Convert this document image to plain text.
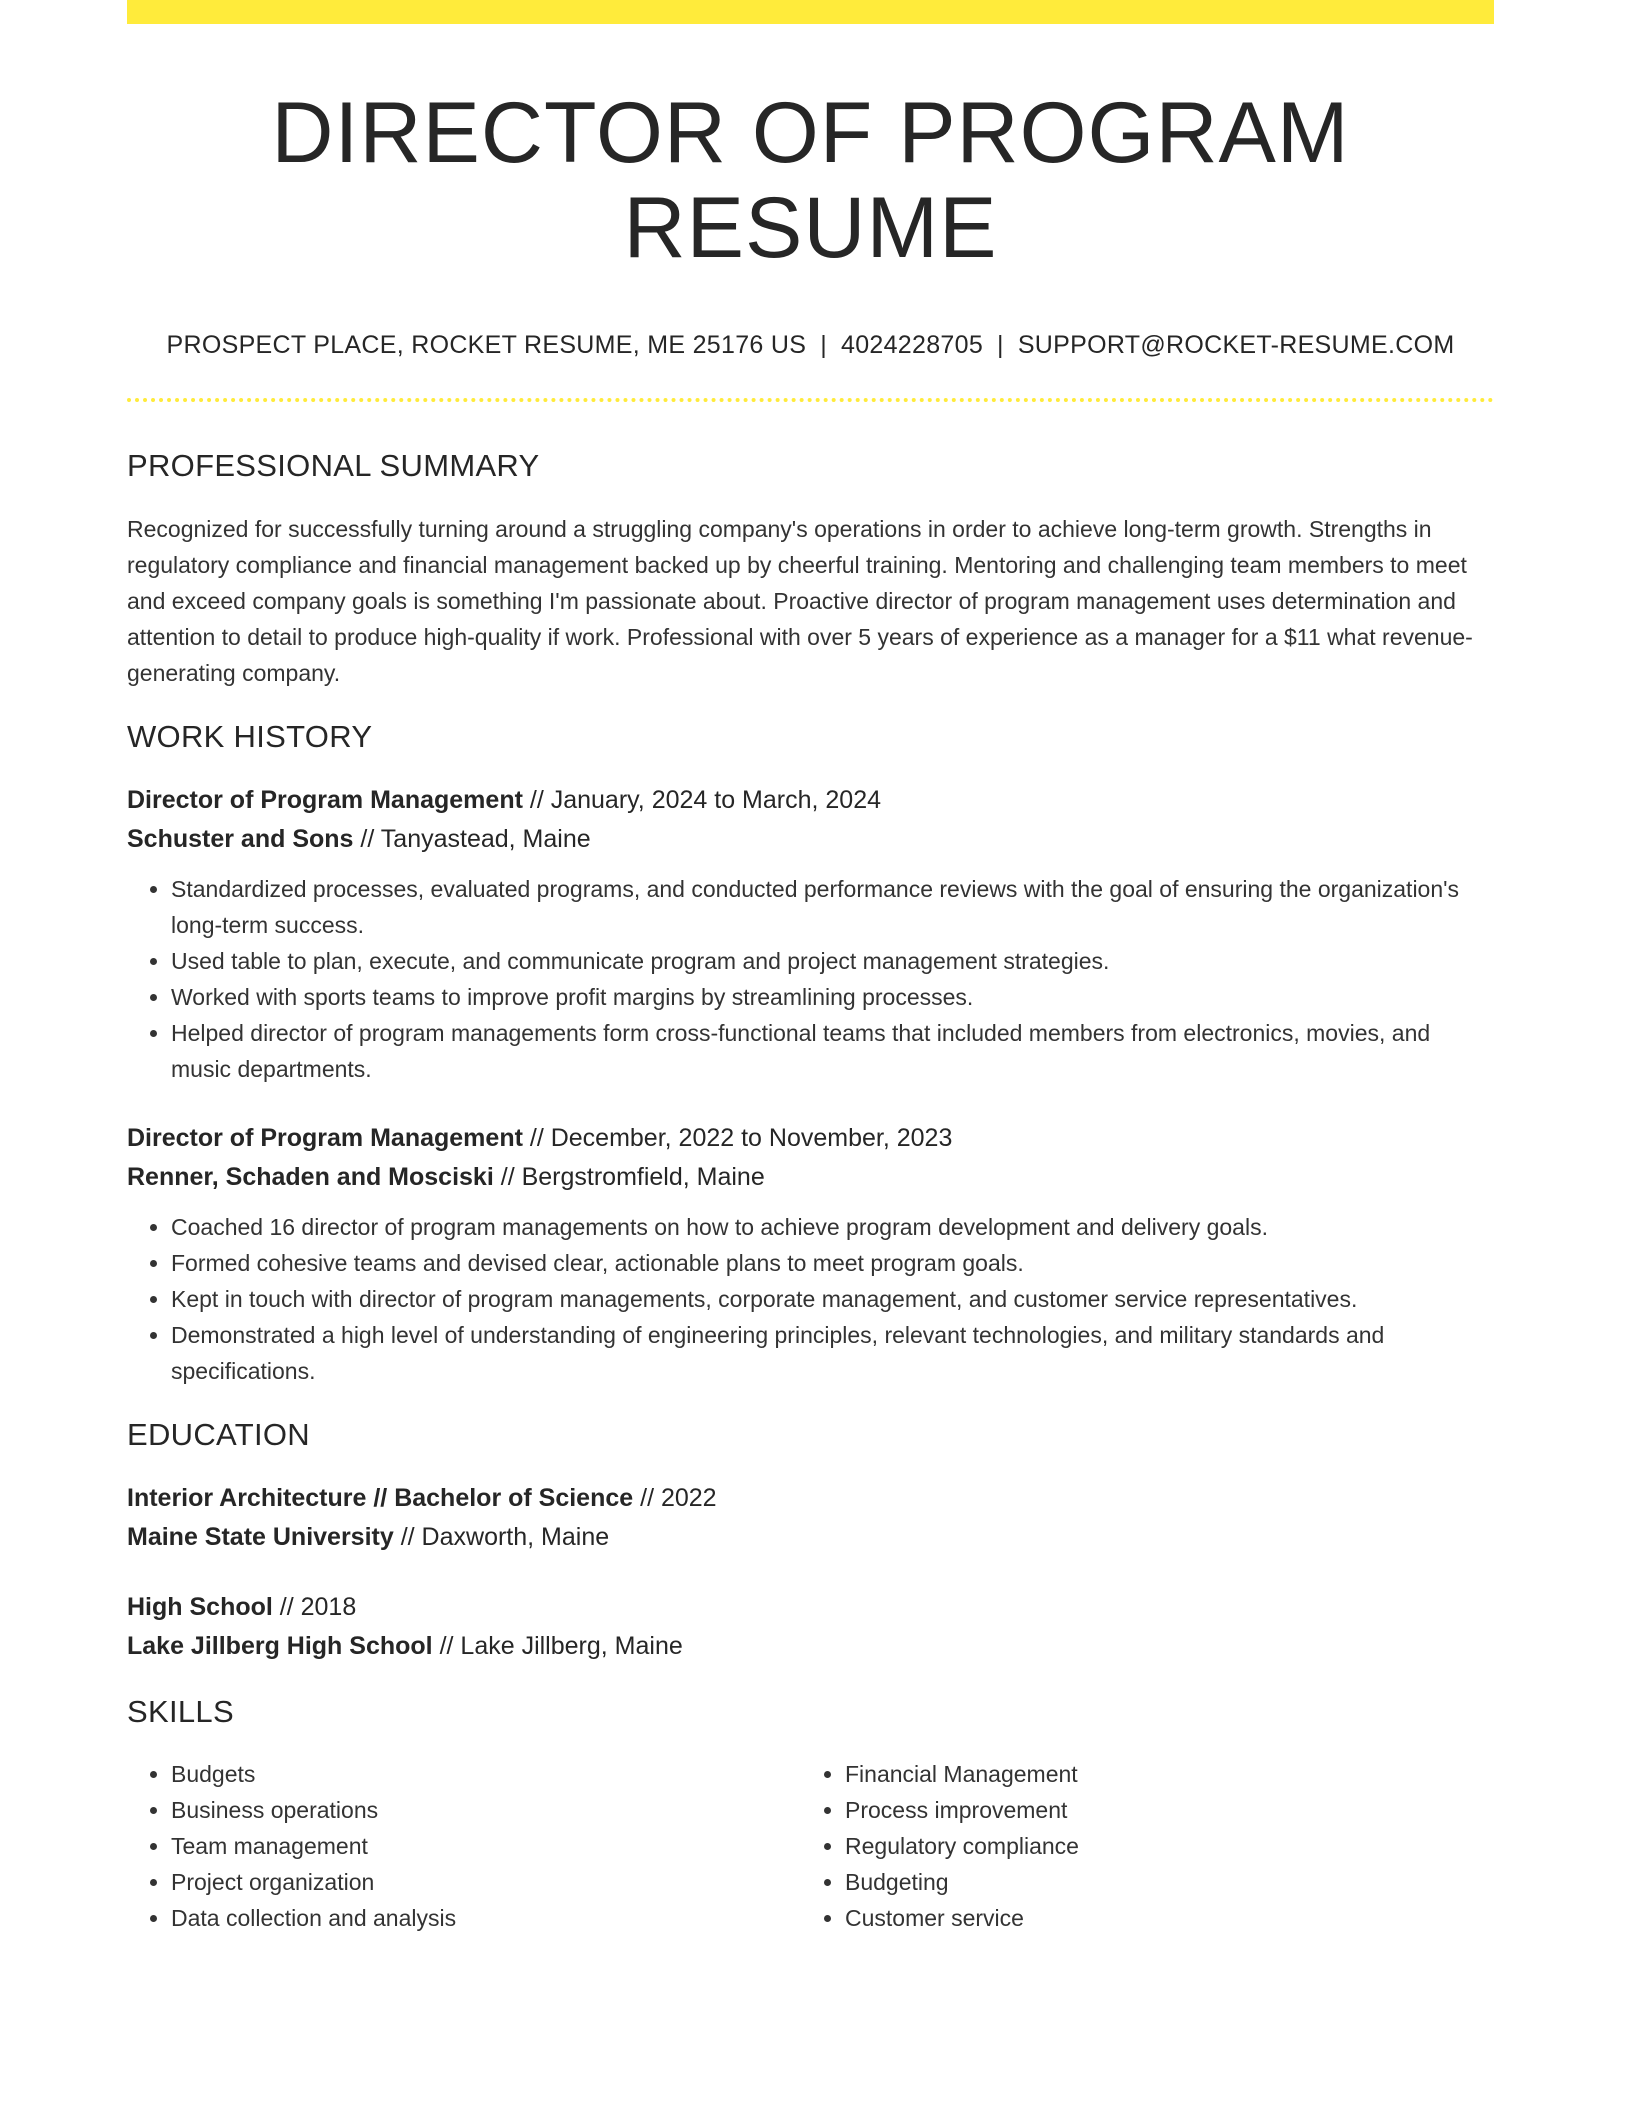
DIRECTOR OF PROGRAM RESUME
PROSPECT PLACE, ROCKET RESUME, ME 25176 US | 4024228705 | SUPPORT@ROCKET-RESUME.COM
PROFESSIONAL SUMMARY
Recognized for successfully turning around a struggling company's operations in order to achieve long-term growth. Strengths in regulatory compliance and financial management backed up by cheerful training. Mentoring and challenging team members to meet and exceed company goals is something I'm passionate about. Proactive director of program management uses determination and attention to detail to produce high-quality if work. Professional with over 5 years of experience as a manager for a $11 what revenue-generating company.
WORK HISTORY
Director of Program Management // January, 2024 to March, 2024
Schuster and Sons // Tanyastead, Maine
• Standardized processes, evaluated programs, and conducted performance reviews with the goal of ensuring the organization's long-term success.
• Used table to plan, execute, and communicate program and project management strategies.
• Worked with sports teams to improve profit margins by streamlining processes.
• Helped director of program managements form cross-functional teams that included members from electronics, movies, and music departments.
Director of Program Management // December, 2022 to November, 2023
Renner, Schaden and Mosciski // Bergstromfield, Maine
• Coached 16 director of program managements on how to achieve program development and delivery goals.
• Formed cohesive teams and devised clear, actionable plans to meet program goals.
• Kept in touch with director of program managements, corporate management, and customer service representatives.
• Demonstrated a high level of understanding of engineering principles, relevant technologies, and military standards and specifications.
EDUCATION
Interior Architecture // Bachelor of Science // 2022
Maine State University // Daxworth, Maine
High School // 2018
Lake Jillberg High School // Lake Jillberg, Maine
SKILLS
• Budgets
• Business operations
• Team management
• Project organization
• Data collection and analysis
• Financial Management
• Process improvement
• Regulatory compliance
• Budgeting
• Customer service
